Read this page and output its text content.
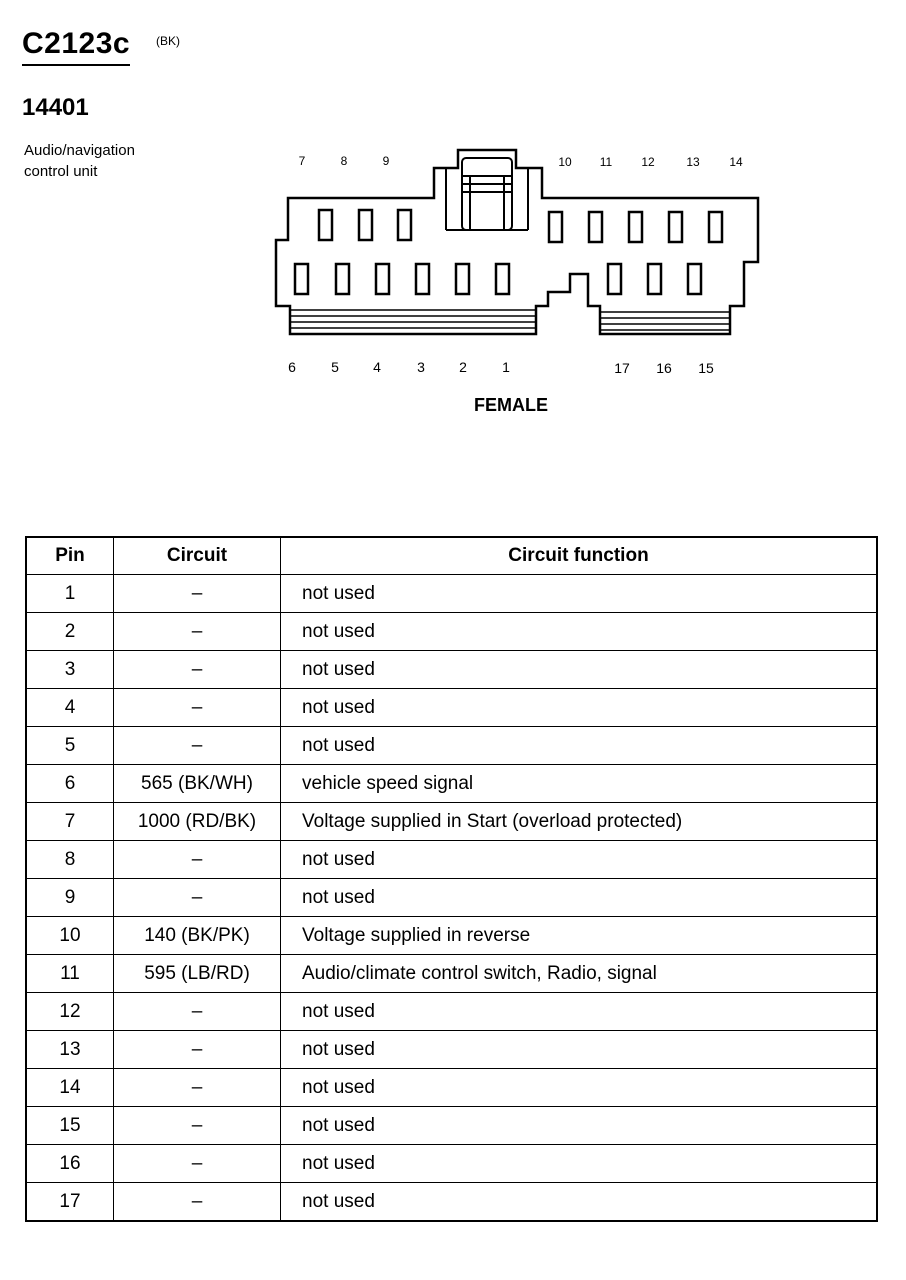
C2123c (BK)
14401
Audio/navigation control unit
7	8	9	10 11 12	13 14
6	5 4	3 2	1	17 16 15
FEMALE
Pin	Circuit	Circuit function
1	–	not used
2	–	not used
3	–	not used
4	–	not used
5	–	not used
6	565 (BK/WH)	vehicle speed signal
7	1000 (RD/BK)	Voltage supplied in Start (overload protected)
8	–	not used
9	–	not used
10	140 (BK/PK)	Voltage supplied in reverse
11	595 (LB/RD)	Audio/climate control switch, Radio, signal
12	–	not used
13	–	not used
14	–	not used
15	–	not used
16	–	not used
17	–	not used
